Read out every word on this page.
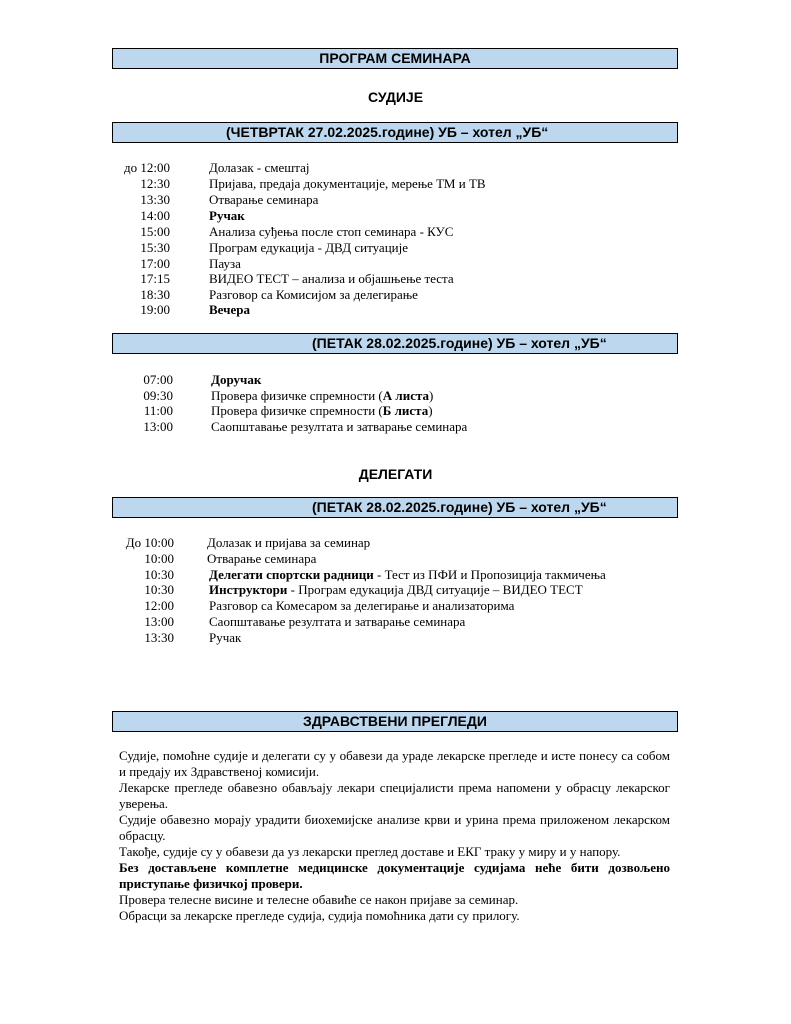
ПРОГРАМ СЕМИНАРА
СУДИЈЕ
(ЧЕТВРТАК 27.02.2025.године) УБ – хотел „УБ“
до 12:00	Долазак - смештај
12:30	Пријава, предаја документације, мерење ТМ и ТВ
13:30	Отварање семинара
14:00	Ручак
15:00	Анализа суђења после стоп семинара - КУС
15:30	Програм едукација - ДВД ситуације
17:00	Пауза
17:15	ВИДЕО ТЕСТ – анализа и објашњење теста
18:30	Разговор са Комисијом за делегирање
19:00	Вечера
(ПЕТАК 28.02.2025.године) УБ – хотел „УБ“
07:00	Доручак
09:30	Провера физичке спремности (А листа)
11:00	Провера физичке спремности (Б листа)
13:00	Саопштавање резултата и затварање семинара
ДЕЛЕГАТИ
(ПЕТАК 28.02.2025.године) УБ – хотел „УБ“
До 10:00	Долазак и пријава за семинар
10:00	Отварање семинара
10:30	Делегати спортски радници - Тест из ПФИ и Пропозиција такмичења
10:30	Инструктори - Програм едукација ДВД ситуације – ВИДЕО ТЕСТ
12:00	Разговор са Комесаром за делегирање и анализаторима
13:00	Саопштавање резултата и затварање семинара
13:30	Ручак
ЗДРАВСТВЕНИ ПРЕГЛЕДИ

Судије, помоћне судије и делегати су у обавези да ураде лекарске прегледе и исте понесу са собом и предају их Здравственој комисији.

Лекарске прегледе обавезно обављају лекари специјалисти према напомени у обрасцу лекарског уверења.

Судије обавезно морају урадити биохемијске анализе крви и урина према приложеном лекарском обрасцу.

Такође, судије су у обавези да уз лекарски преглед доставе и ЕКГ траку у миру и у напору.

Без достављене комплетне медицинске документације судијама неће бити дозвољено приступање физичкој провери.

Провера телесне висине и телесне обавиће се након пријаве за семинар.

Обрасци за лекарске прегледе судија, судија помоћника дати су прилогу.
